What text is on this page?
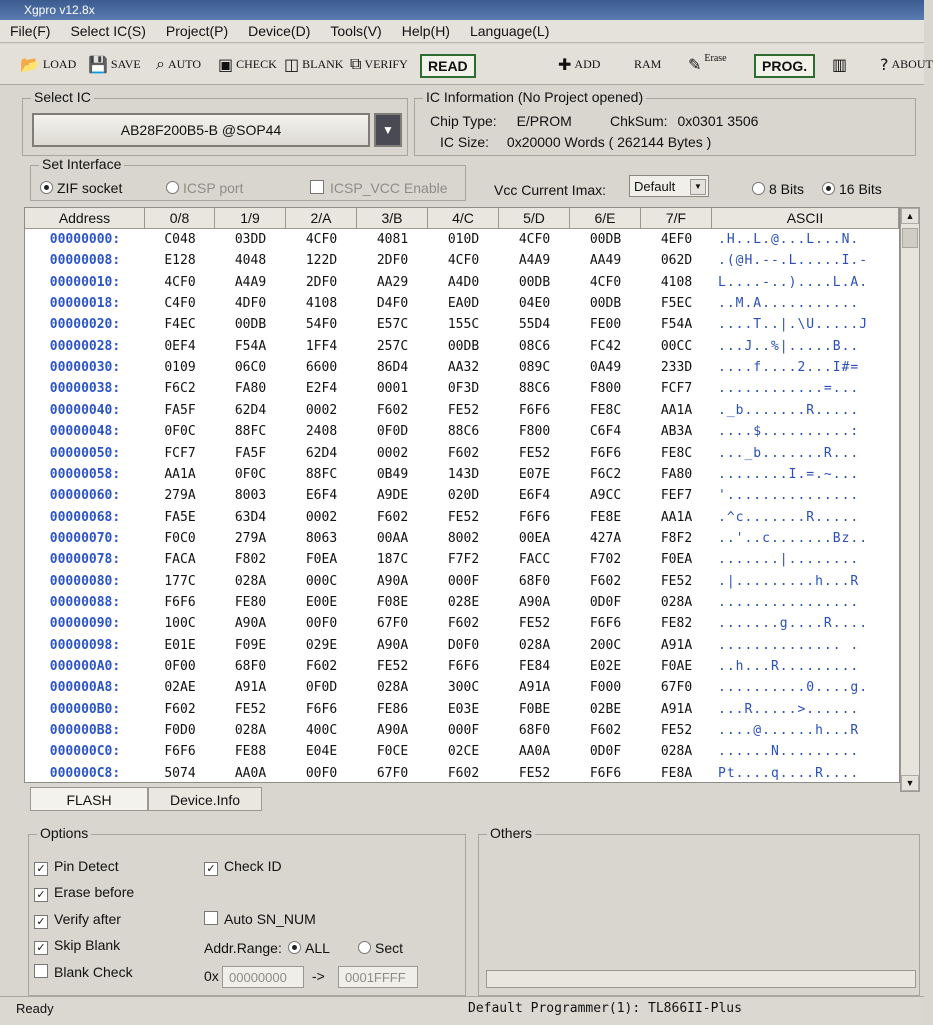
Xgpro v12.8x
File(F)	Select IC(S)	Project(P)	Device(D)	Tools(V)	Help(H)	Language(L)
📂 LOAD 💾 SAVE ⌕ AUTO ▣ CHECK ◫ BLANK ⧉ VERIFY	READ	✚ ADD	RAM ✎ Erase	PROG.	▥ ? ABOUT
Select IC
AB28F200B5-B @SOP44	▼
IC Information (No Project opened)
Chip Type: E/PROM	ChkSum: 0x0301 3506
IC Size: 0x20000 Words ( 262144 Bytes )
Set Interface
ZIF socket	ICSP port	ICSP_VCC Enable	Vcc Current Imax:	Default	▼	8 Bits	16 Bits
Address	0/8	1/9	2/A	3/B	4/C	5/D	6/E	7/F	ASCII
00000000:	C048	03DD	4CF0	4081	010D	4CF0	00DB	4EF0	.H..L.@...L...N.
00000008:	E128	4048	122D	2DF0	4CF0	A4A9	AA49	062D	.(@H.--.L.....I.-
00000010:	4CF0	A4A9	2DF0	AA29	A4D0	00DB	4CF0	4108	L....-..)....L.A.
00000018:	C4F0	4DF0	4108	D4F0	EA0D	04E0	00DB	F5EC	..M.A...........
00000020:	F4EC	00DB	54F0	E57C	155C	55D4	FE00	F54A	....T..|.\U.....J
00000028:	0EF4	F54A	1FF4	257C	00DB	08C6	FC42	00CC	...J..%|.....B..
00000030:	0109	06C0	6600	86D4	AA32	089C	0A49	233D	....f....2...I#=
00000038:	F6C2	FA80	E2F4	0001	0F3D	88C6	F800	FCF7	............=...
00000040:	FA5F	62D4	0002	F602	FE52	F6F6	FE8C	AA1A	._b.......R.....
00000048:	0F0C	88FC	2408	0F0D	88C6	F800	C6F4	AB3A	....$..........:
00000050:	FCF7	FA5F	62D4	0002	F602	FE52	F6F6	FE8C	..._b.......R...
00000058:	AA1A	0F0C	88FC	0B49	143D	E07E	F6C2	FA80	........I.=.~...
00000060:	279A	8003	E6F4	A9DE	020D	E6F4	A9CC	FEF7	'...............
00000068:	FA5E	63D4	0002	F602	FE52	F6F6	FE8E	AA1A	.^c.......R.....
00000070:	F0C0	279A	8063	00AA	8002	00EA	427A	F8F2	..'..c.......Bz..
00000078:	FACA	F802	F0EA	187C	F7F2	FACC	F702	F0EA	.......|........
00000080:	177C	028A	000C	A90A	000F	68F0	F602	FE52	.|.........h...R
00000088:	F6F6	FE80	E00E	F08E	028E	A90A	0D0F	028A	................
00000090:	100C	A90A	00F0	67F0	F602	FE52	F6F6	FE82	.......g....R....
00000098:	E01E	F09E	029E	A90A	D0F0	028A	200C	A91A	.............. .
000000A0:	0F00	68F0	F602	FE52	F6F6	FE84	E02E	F0AE	..h...R.........
000000A8:	02AE	A91A	0F0D	028A	300C	A91A	F000	67F0	..........0....g.
000000B0:	F602	FE52	F6F6	FE86	E03E	F0BE	02BE	A91A	...R.....>......
000000B8:	F0D0	028A	400C	A90A	000F	68F0	F602	FE52	....@......h...R
000000C0:	F6F6	FE88	E04E	F0CE	02CE	AA0A	0D0F	028A	......N.........
000000C8:	5074	AA0A	00F0	67F0	F602	FE52	F6F6	FE8A	Pt....q....R....
▲
▼
FLASH	Device.Info
Options
✓ Pin Detect
✓ Erase before
✓ Verify after
✓ Skip Blank
Blank Check
✓ Check ID
Auto SN_NUM
Addr.Range:	ALL	Sect
0x 00000000	->	0001FFFF
Others
Ready	Default Programmer(1): TL866II-Plus
